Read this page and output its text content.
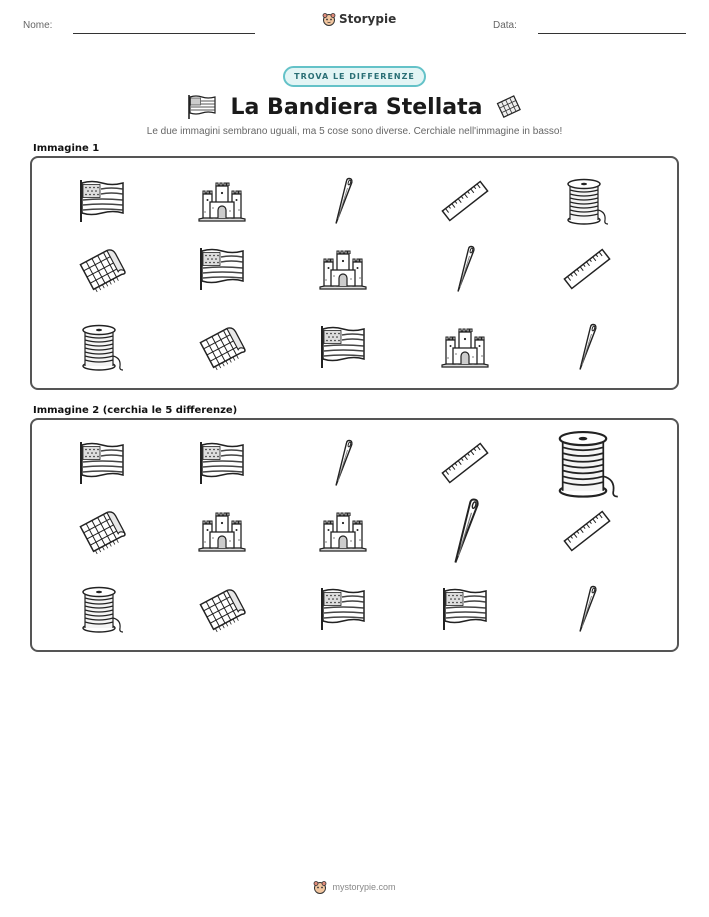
Nome:	Storypie	Data:
TROVA LE DIFFERENZE
La Bandiera Stellata
Le due immagini sembrano uguali, ma 5 cose sono diverse. Cerchiale nell'immagine in basso!
Immagine 1
Immagine 2 (cerchia le 5 differenze)
mystorypie.com
